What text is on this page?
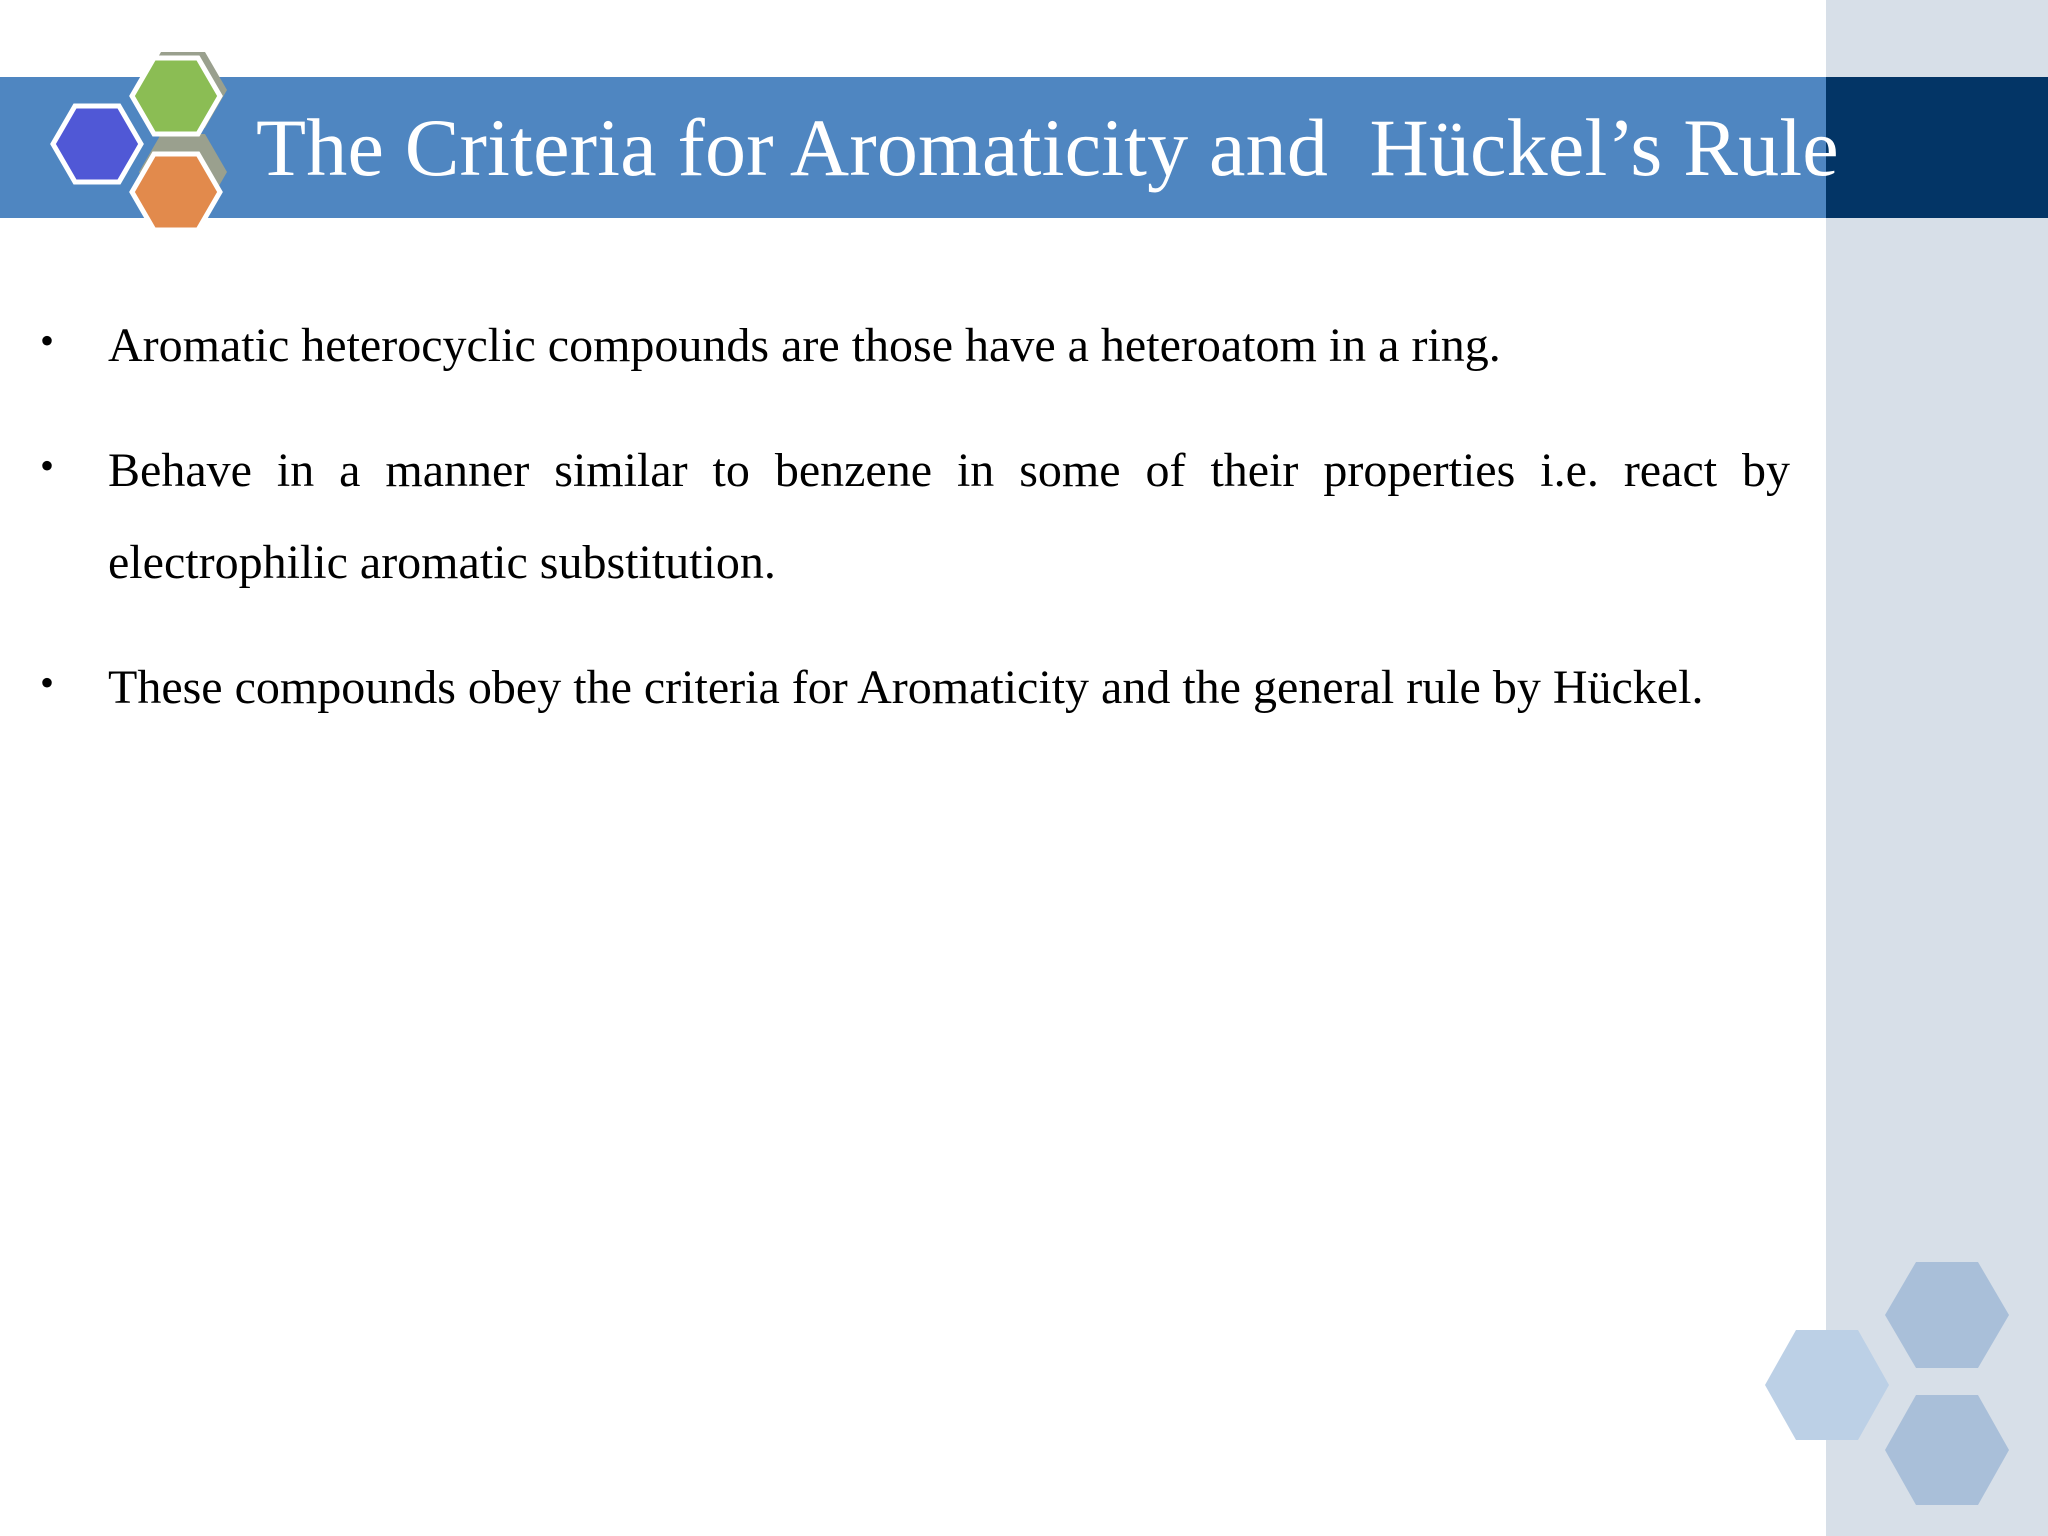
The Criteria for Aromaticity and  Hückel’s Rule
• Aromatic heterocyclic compounds are those have a heteroatom in a ring.
• Behave in a manner similar to benzene in some of their properties i.e. react by electrophilic aromatic substitution.
• These compounds obey the criteria for Aromaticity and the general rule by Hückel.
